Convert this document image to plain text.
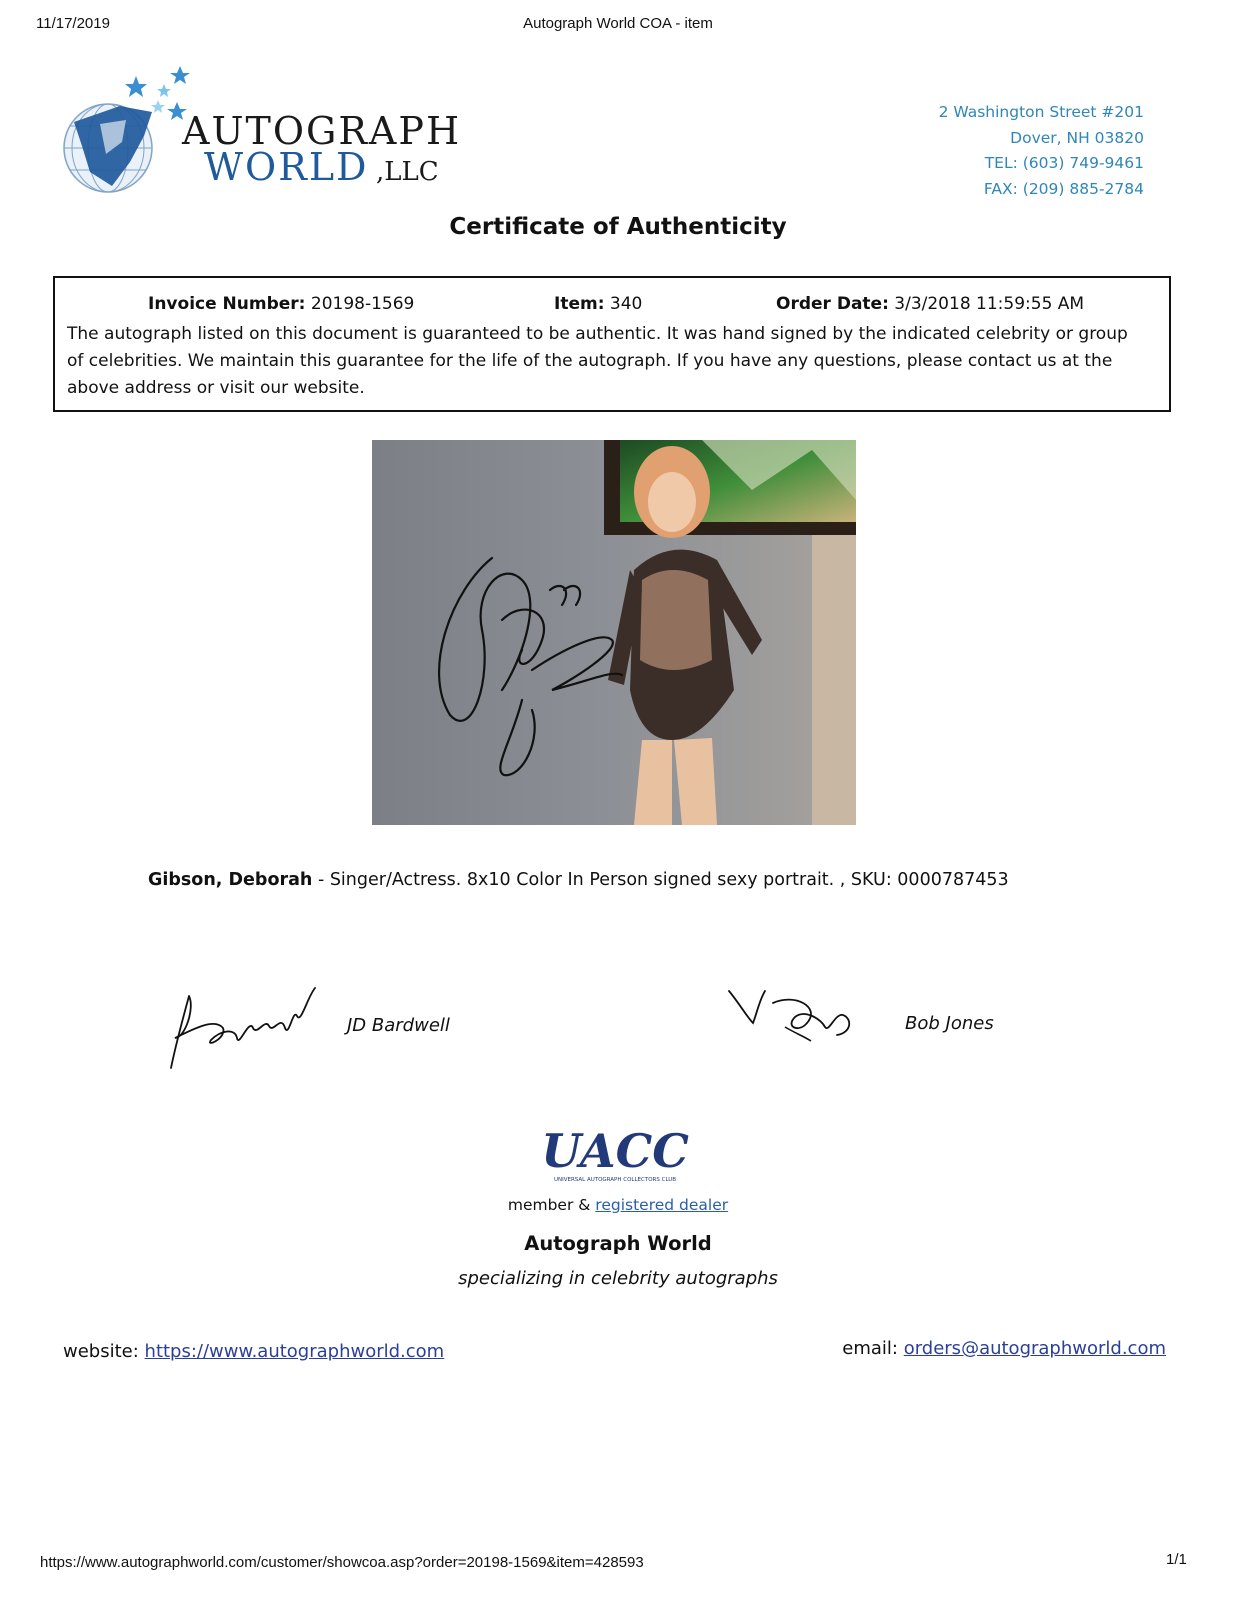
11/17/2019	Autograph World COA - item
AUTOGRAPH
WORLD ,LLC
2 Washington Street #201
Dover, NH 03820
TEL: (603) 749-9461
FAX: (209) 885-2784
Certificate of Authenticity
Invoice Number: 20198-1569	Item: 340	Order Date: 3/3/2018 11:59:55 AM
The autograph listed on this document is guaranteed to be authentic. It was hand signed by the indicated celebrity or group of celebrities. We maintain this guarantee for the life of the autograph. If you have any questions, please contact us at the above address or visit our website.
Gibson, Deborah - Singer/Actress. 8x10 Color In Person signed sexy portrait. , SKU: 0000787453
JD Bardwell	Bob Jones
UACC
UNIVERSAL AUTOGRAPH COLLECTORS CLUB
member & registered dealer
Autograph World
specializing in celebrity autographs
website: https://www.autographworld.com	email: orders@autographworld.com
https://www.autographworld.com/customer/showcoa.asp?order=20198-1569&item=428593	1/1
